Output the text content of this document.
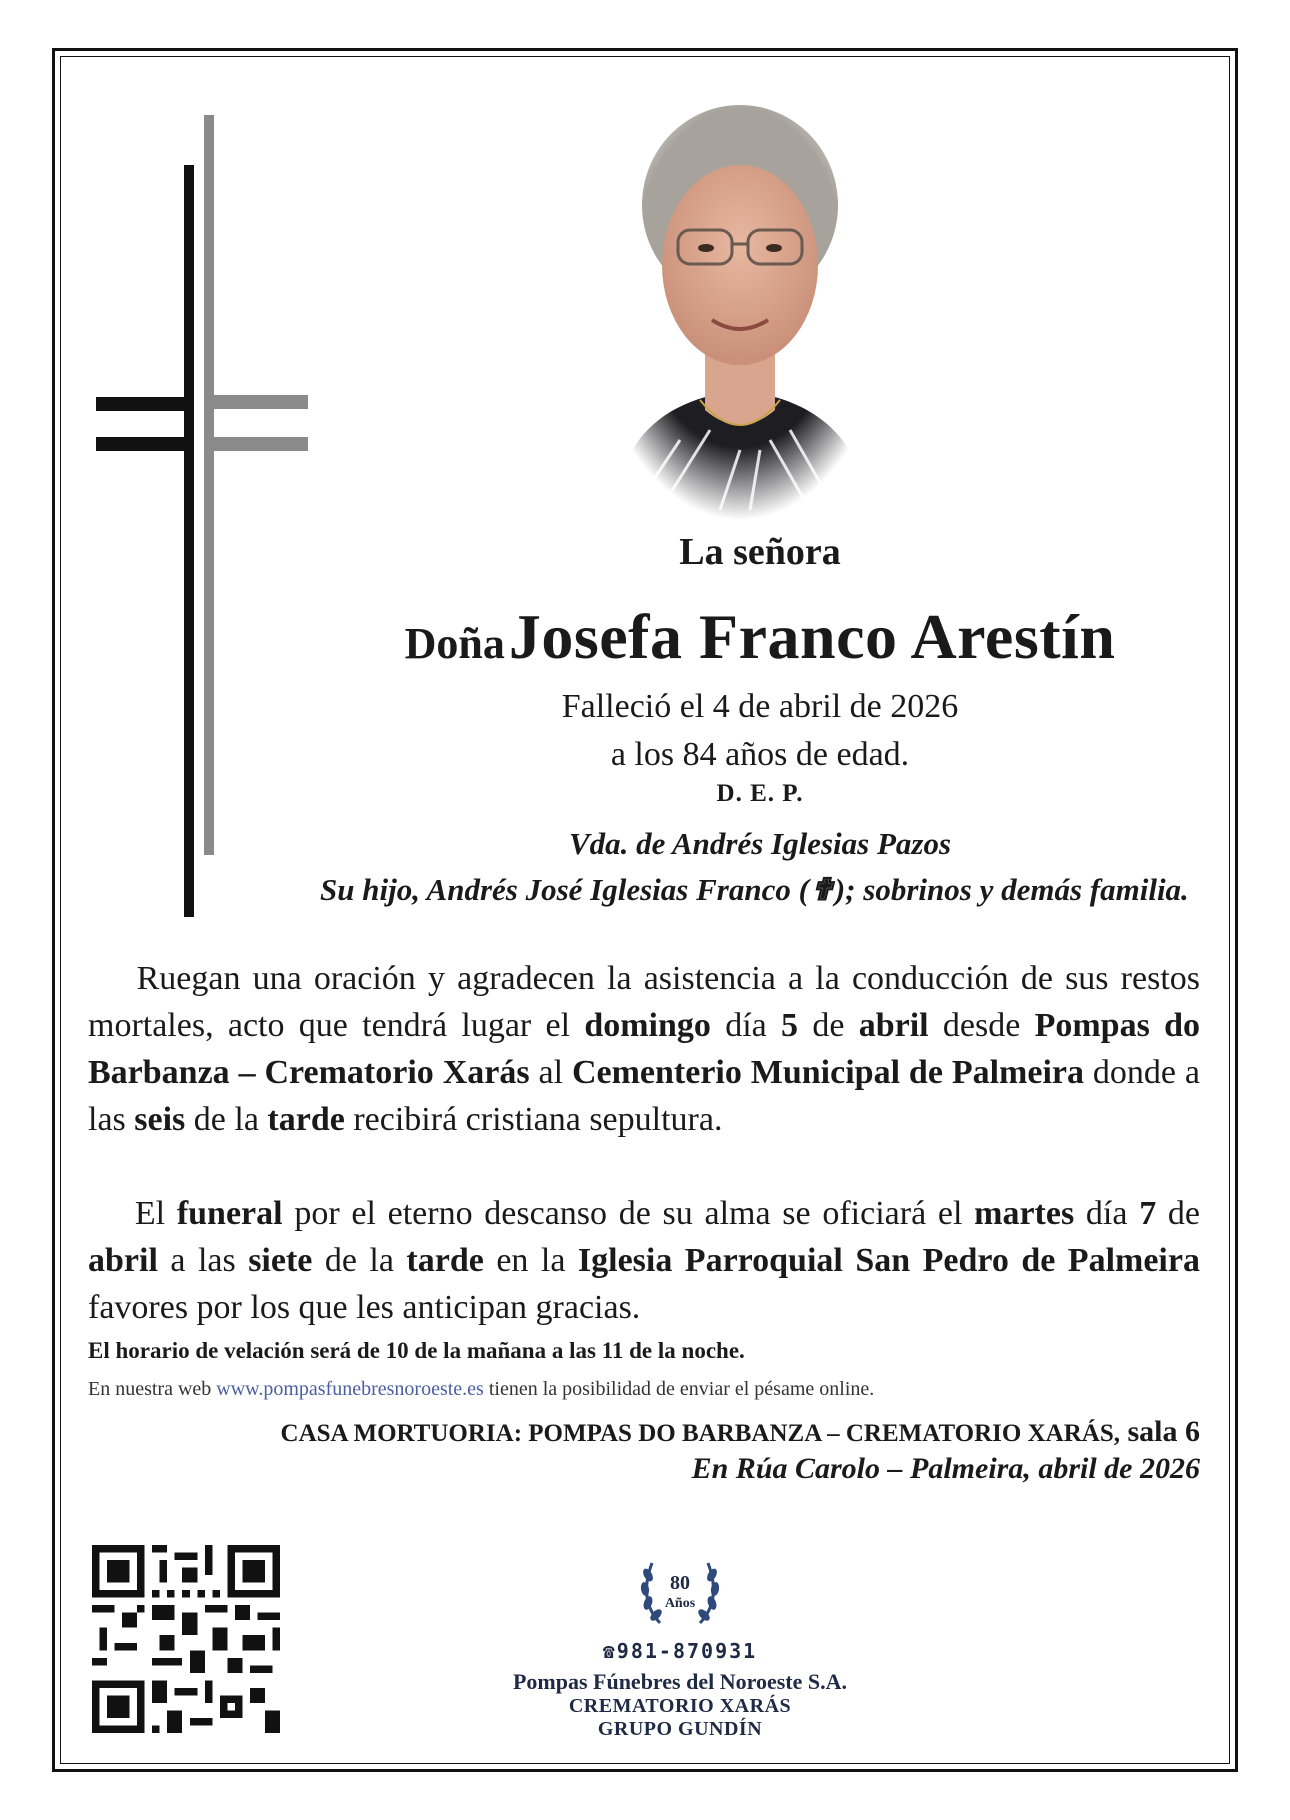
La señora
Doña Josefa Franco Arestín
Falleció el 4 de abril de 2026
a los 84 años de edad.
D. E. P.
Vda. de Andrés Iglesias Pazos
Su hijo, Andrés José Iglesias Franco (✟); sobrinos y demás familia.
Ruegan una oración y agradecen la asistencia a la conducción de sus restos mortales, acto que tendrá lugar el domingo día 5 de abril desde Pompas do Barbanza – Crematorio Xarás al Cementerio Municipal de Palmeira donde a las seis de la tarde recibirá cristiana sepultura.
El funeral por el eterno descanso de su alma se oficiará el martes día 7 de abril a las siete de la tarde en la Iglesia Parroquial San Pedro de Palmeira favores por los que les anticipan gracias.
El horario de velación será de 10 de la mañana a las 11 de la noche.
En nuestra web www.pompasfunebresnoroeste.es tienen la posibilidad de enviar el pésame online.
CASA MORTUORIA: POMPAS DO BARBANZA – CREMATORIO XARÁS, sala 6
En Rúa Carolo – Palmeira, abril de 2026
80
Años
☎981-870931
Pompas Fúnebres del Noroeste S.A.
CREMATORIO XARÁS
GRUPO GUNDÍN
